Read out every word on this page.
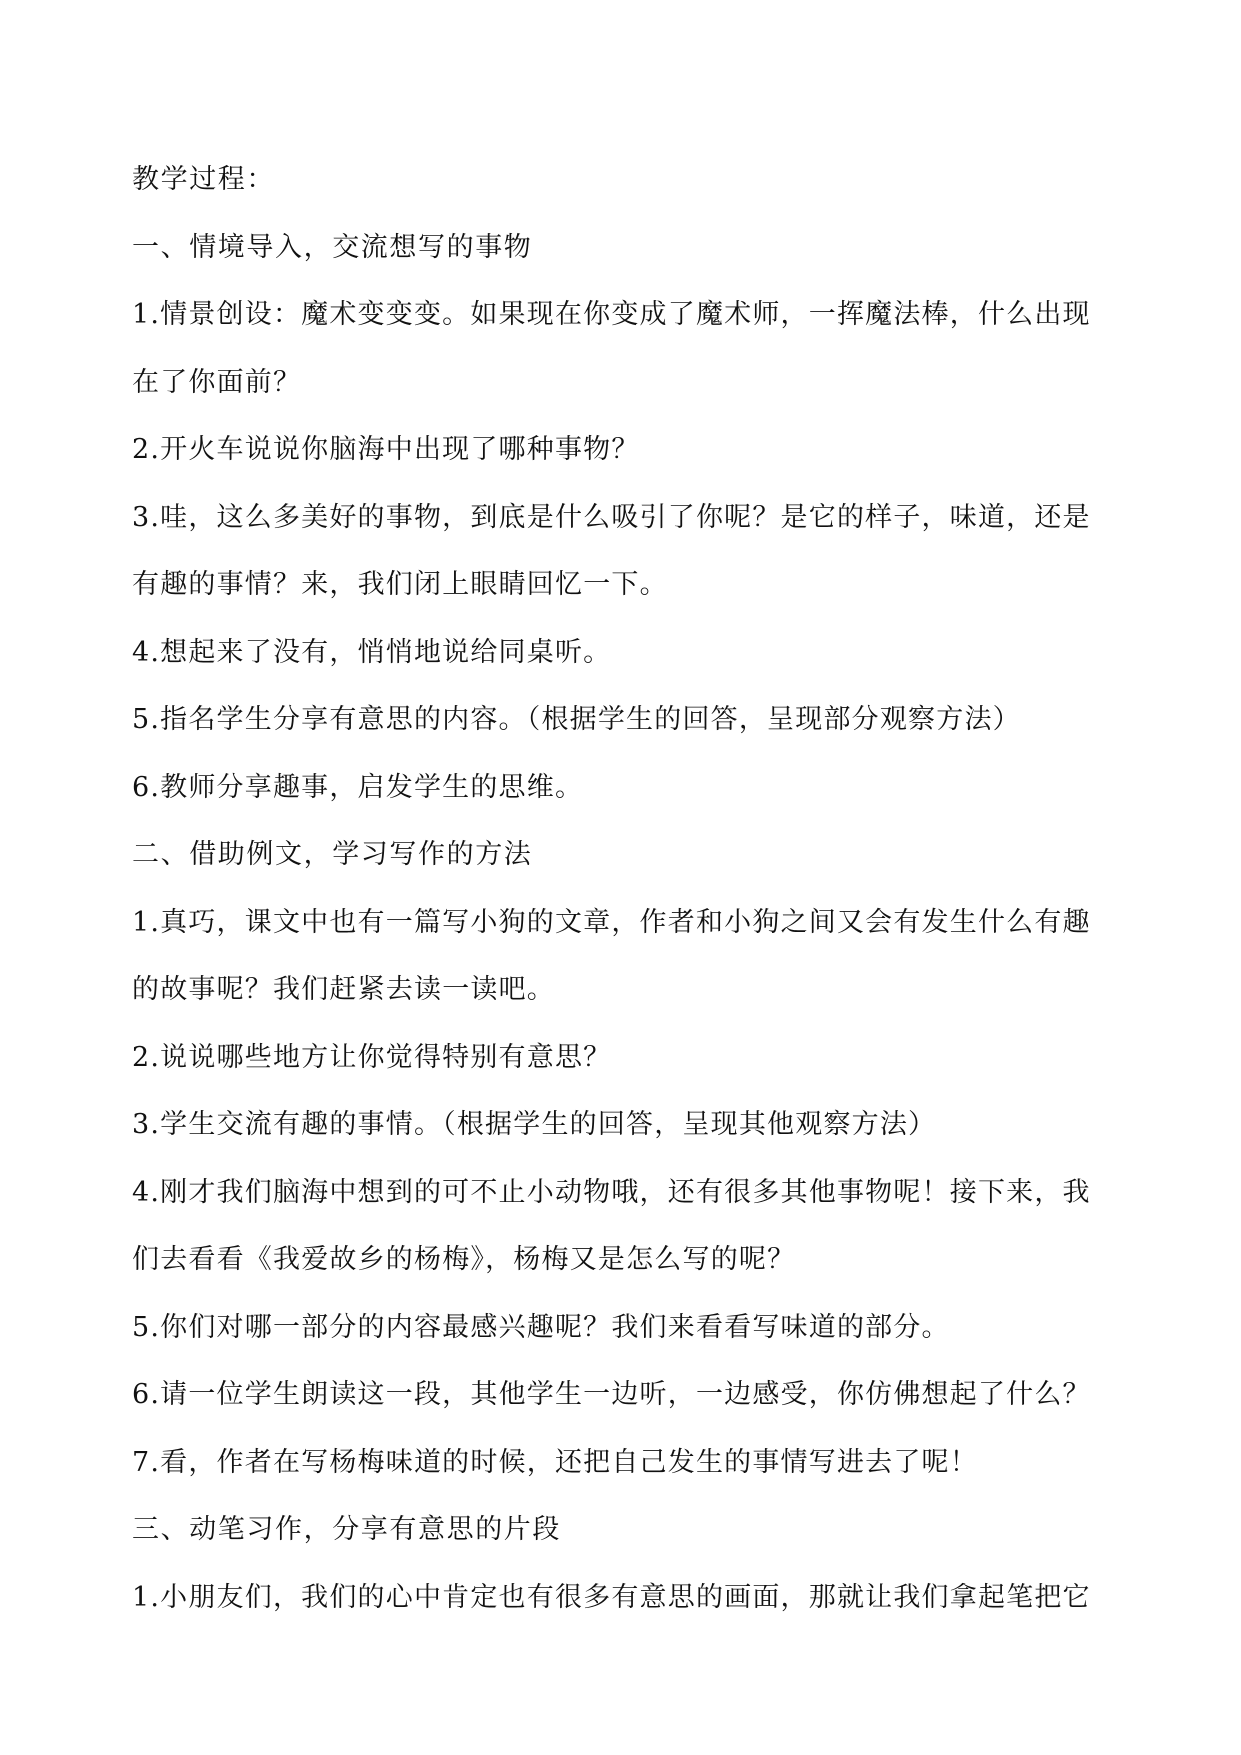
教学过程：
一、情境导入，交流想写的事物
1.情景创设：魔术变变变。如果现在你变成了魔术师，一挥魔法棒，什么出现
在了你面前？
2.开火车说说你脑海中出现了哪种事物？
3.哇，这么多美好的事物，到底是什么吸引了你呢？是它的样子，味道，还是
有趣的事情？来，我们闭上眼睛回忆一下。
4.想起来了没有，悄悄地说给同桌听。
5.指名学生分享有意思的内容。（根据学生的回答，呈现部分观察方法）
6.教师分享趣事，启发学生的思维。
二、借助例文，学习写作的方法
1.真巧，课文中也有一篇写小狗的文章，作者和小狗之间又会有发生什么有趣
的故事呢？我们赶紧去读一读吧。
2.说说哪些地方让你觉得特别有意思？
3.学生交流有趣的事情。（根据学生的回答，呈现其他观察方法）
4.刚才我们脑海中想到的可不止小动物哦，还有很多其他事物呢！接下来，我
们去看看《我爱故乡的杨梅》，杨梅又是怎么写的呢？
5.你们对哪一部分的内容最感兴趣呢？我们来看看写味道的部分。
6.请一位学生朗读这一段，其他学生一边听，一边感受，你仿佛想起了什么？
7.看，作者在写杨梅味道的时候，还把自己发生的事情写进去了呢！
三、动笔习作，分享有意思的片段
1.小朋友们，我们的心中肯定也有很多有意思的画面，那就让我们拿起笔把它
